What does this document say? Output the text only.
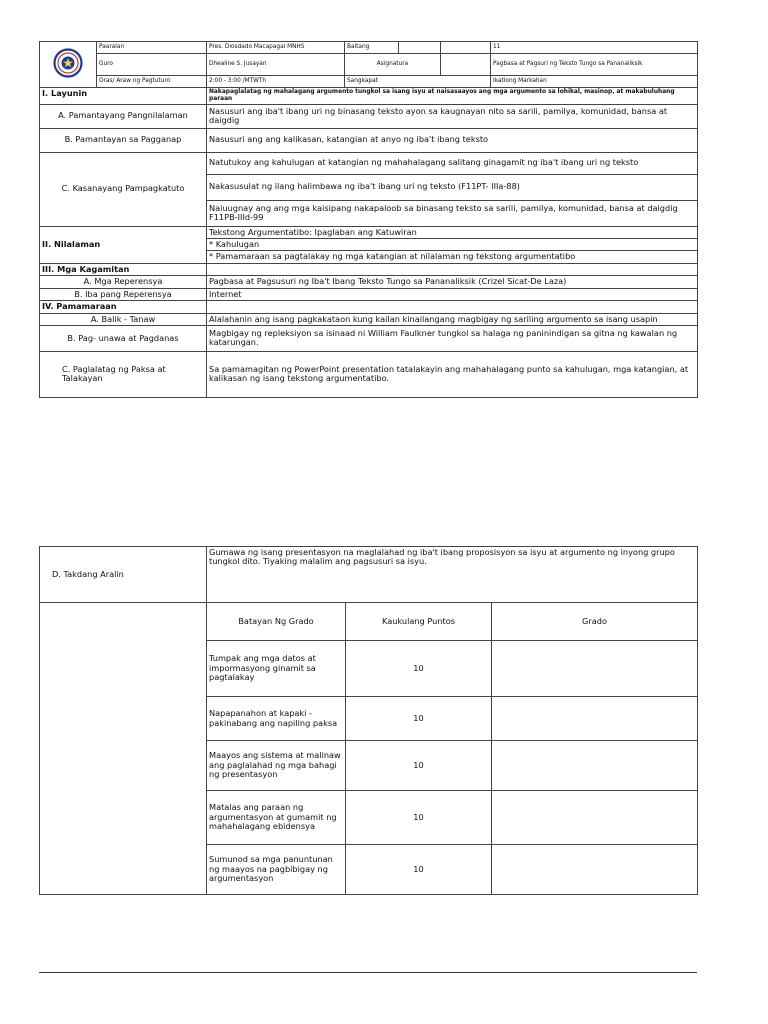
	Paaralan	Pres. Diosdado Macapagal MNHS	Baitang			11
	Guro	Dhealine S. Jusayan	Asignatura			Pagbasa at Pagsuri ng Teksto Tungo sa Pananaliksik
	Oras/ Araw ng Pagtuturo	2:00 - 3:00 /MTWTh	Sangkapat			Ikatlong Markahan
I. Layunin		Nakapaglalatag ng mahalagang argumento tungkol sa isang isyu at naisasaayos ang mga argumento sa lohikal, masinop, at makabuluhang paraan				
A. Pamantayang Pangnilalaman		Nasusuri ang iba't ibang uri ng binasang teksto ayon sa kaugnayan nito sa sarili, pamilya, komunidad, bansa at daigdig				
B. Pamantayan sa Pagganap		Nasusuri ang ang kalikasan, katangian at anyo ng iba't ibang teksto				
C. Kasanayang Pampagkatuto		Natutukoy ang kahulugan at katangian ng mahahalagang salitang ginagamit ng iba't ibang uri ng teksto				
		Nakasusulat ng ilang halimbawa ng iba't ibang uri ng teksto (F11PT- IIIa-88)				
		Naiuugnay ang ang mga kaisipang nakapaloob sa binasang teksto sa sarili, pamilya, komunidad, bansa at daigdig F11PB-IIId-99				
II. Nilalaman		Tekstong Argumentatibo: Ipaglaban ang Katuwiran				
		* Kahulugan				
		* Pamamaraan sa pagtalakay ng mga katangian at nilalaman ng tekstong argumentatibo				
III. Mga Kagamitan						
A. Mga Reperensya		Pagbasa at Pagsusuri ng Iba't Ibang Teksto Tungo sa Pananaliksik (Crizel Sicat-De Laza)				
B. Iba pang Reperensya		Internet				
IV. Pamamaraan						
A. Balik - Tanaw		Alalahanin ang isang pagkakataon kung kailan kinailangang magbigay ng sariling argumento sa isang usapin				
B. Pag- unawa at Pagdanas		Magbigay ng repleksiyon sa isinaad ni William Faulkner tungkol sa halaga ng paninindigan sa gitna ng kawalan ng katarungan.				

C. Paglalatag ng Paksa at Talakayan		Sa pamamagitan ng PowerPoint presentation tatalakayin ang mahahalagang punto sa kahulugan, mga katangian, at kalikasan ng isang tekstong argumentatibo.				
D. Takdang Aralin	Gumawa ng isang presentasyon na maglalahad ng iba't ibang proposisyon sa isyu at argumento ng inyong grupo tungkol dito. Tiyaking malalim ang pagsusuri sa isyu.		
	Batayan Ng Grado	Kaukulang Puntos	Grado
	Tumpak ang mga datos at impormasyong ginamit sa pagtalakay	10	
	Napapanahon at kapaki - pakinabang ang napiling paksa	10	
	Maayos ang sistema at malinaw ang paglalahad ng mga bahagi ng presentasyon	10	
	Matalas ang paraan ng argumentasyon at gumamit ng mahahalagang ebidensya	10	
	Sumunod sa mga panuntunan ng maayos na pagbibigay ng argumentasyon	10	
